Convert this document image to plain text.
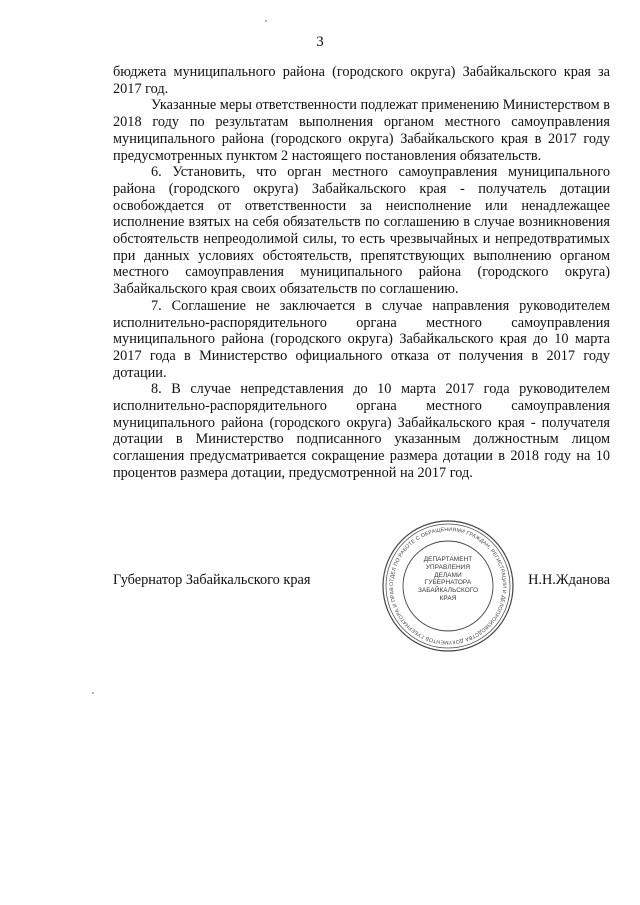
3

бюджета муниципального района (городского округа) Забайкальского края за 2017 год.

Указанные меры ответственности подлежат применению Министерством в 2018 году по результатам выполнения органом местного самоуправления муниципального района (городского округа) Забайкальского края в 2017 году предусмотренных пунктом 2 настоящего постановления обязательств.

6. Установить, что орган местного самоуправления муниципального района (городского округа) Забайкальского края - получатель дотации освобождается от ответственности за неисполнение или ненадлежащее исполнение взятых на себя обязательств по соглашению в случае возникновения обстоятельств непреодолимой силы, то есть чрезвычайных и непредотвратимых при данных условиях обстоятельств, препятствующих выполнению органом местного самоуправления муниципального района (городского округа) Забайкальского края своих обязательств по соглашению.

7. Соглашение не заключается в случае направления руководителем исполнительно-распорядительного органа местного самоуправления муниципального района (городского округа) Забайкальского края до 10 марта 2017 года в Министерство официального отказа от получения в 2017 году дотации.

8. В случае непредставления до 10 марта 2017 года руководителем исполнительно-распорядительного органа местного самоуправления муниципального района (городского округа) Забайкальского края - получателя дотации в Министерство подписанного указанным должностным лицом соглашения предусматривается сокращение размера дотации в 2018 году на 10 процентов размера дотации, предусмотренной на 2017 год.

Губернатор Забайкальского края	Н.Н.Жданова
ОТДЕЛ ПО РАБОТЕ С ОБРАЩЕНИЯМИ ГРАЖДАН, РЕГИСТРАЦИИ И ДЕЛОПРОИЗВОДСТВА ДОКУМЕНТОВ ГУБЕРНАТОРА И ПРАВ
ДЕПАРТАМЕНТ
УПРАВЛЕНИЯ
ДЕЛАМИ
ГУБЕРНАТОРА
ЗАБАЙКАЛЬСКОГО
КРАЯ
